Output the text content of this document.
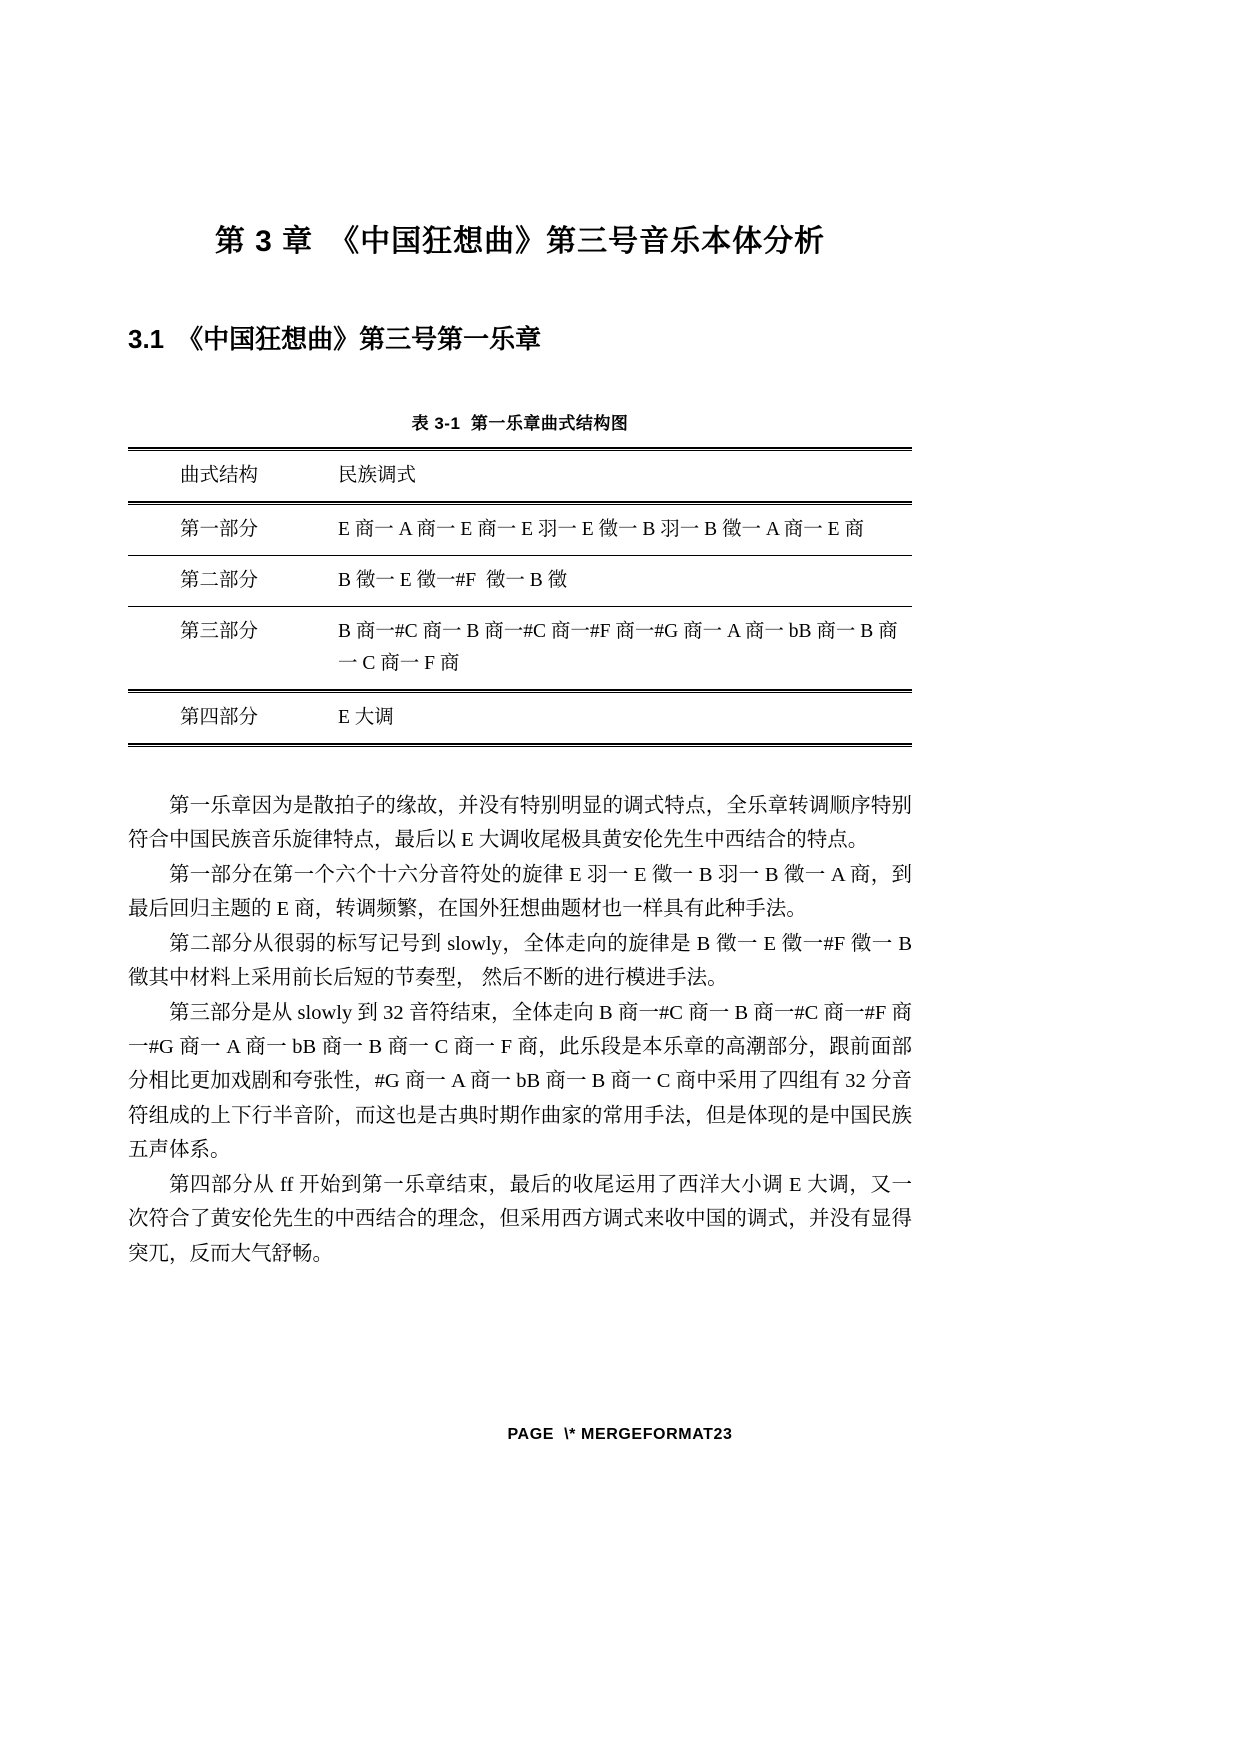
第 3 章　《中国狂想曲》第三号音乐本体分析
3.1　《中国狂想曲》第三号第一乐章
表 3-1  第一乐章曲式结构图
曲式结构	民族调式
第一部分	E 商一 A 商一 E 商一 E 羽一 E 徵一 B 羽一 B 徵一 A 商一 E 商
第二部分	B 徵一 E 徵一#F  徵一 B 徵
第三部分	B 商一#C 商一 B 商一#C 商一#F 商一#G 商一 A 商一 bB 商一 B 商一 C 商一 F 商
第四部分	E 大调

第一乐章因为是散拍子的缘故，并没有特别明显的调式特点，全乐章转调顺序特别符合中国民族音乐旋律特点，最后以 E 大调收尾极具黄安伦先生中西结合的特点。

第一部分在第一个六个十六分音符处的旋律 E 羽一 E 徵一 B 羽一 B 徵一 A 商，到最后回归主题的 E 商，转调频繁，在国外狂想曲题材也一样具有此种手法。

第二部分从很弱的标写记号到 slowly，全体走向的旋律是 B 徵一 E 徵一#F 徵一 B 徵其中材料上采用前长后短的节奏型， 然后不断的进行模进手法。

第三部分是从 slowly 到 32 音符结束，全体走向 B 商一#C 商一 B 商一#C 商一#F 商一#G 商一 A 商一 bB 商一 B 商一 C 商一 F 商，此乐段是本乐章的高潮部分，跟前面部分相比更加戏剧和夸张性，#G 商一 A 商一 bB 商一 B 商一 C 商中采用了四组有 32 分音符组成的上下行半音阶，而这也是古典时期作曲家的常用手法，但是体现的是中国民族五声体系。

第四部分从 ff 开始到第一乐章结束，最后的收尾运用了西洋大小调 E 大调，又一次符合了黄安伦先生的中西结合的理念，但采用西方调式来收中国的调式，并没有显得突兀，反而大气舒畅。

PAGE  \* MERGEFORMAT23
